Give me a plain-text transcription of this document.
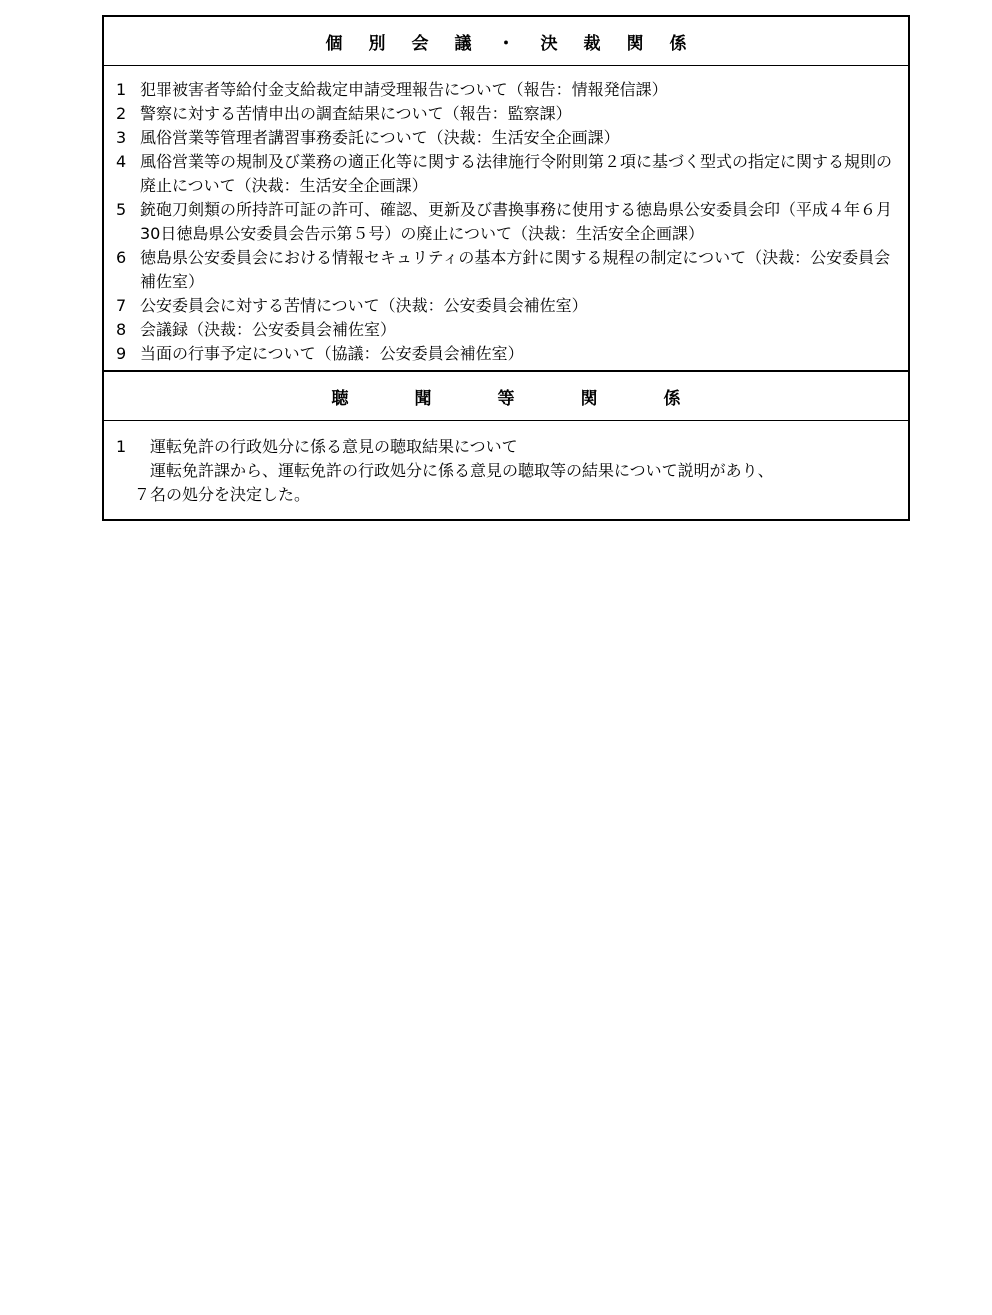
個 別 会 議 ・ 決 裁 関 係
1 犯罪被害者等給付金支給裁定申請受理報告について（報告：情報発信課）
2 警察に対する苦情申出の調査結果について（報告：監察課）
3 風俗営業等管理者講習事務委託について（決裁：生活安全企画課）
4 風俗営業等の規制及び業務の適正化等に関する法律施行令附則第２項に基づく型式の指定に関する規則の廃止について（決裁：生活安全企画課）
5 銃砲刀剣類の所持許可証の許可、確認、更新及び書換事務に使用する徳島県公安委員会印（平成４年６月30日徳島県公安委員会告示第５号）の廃止について（決裁：生活安全企画課）
6 徳島県公安委員会における情報セキュリティの基本方針に関する規程の制定について（決裁：公安委員会補佐室）
7 公安委員会に対する苦情について（決裁：公安委員会補佐室）
8 会議録（決裁：公安委員会補佐室）
9 当面の行事予定について（協議：公安委員会補佐室）
聴	聞	等	関	係
1	運転免許の行政処分に係る意見の聴取結果について
運転免許課から、運転免許の行政処分に係る意見の聴取等の結果について説明があり、
７名の処分を決定した。
